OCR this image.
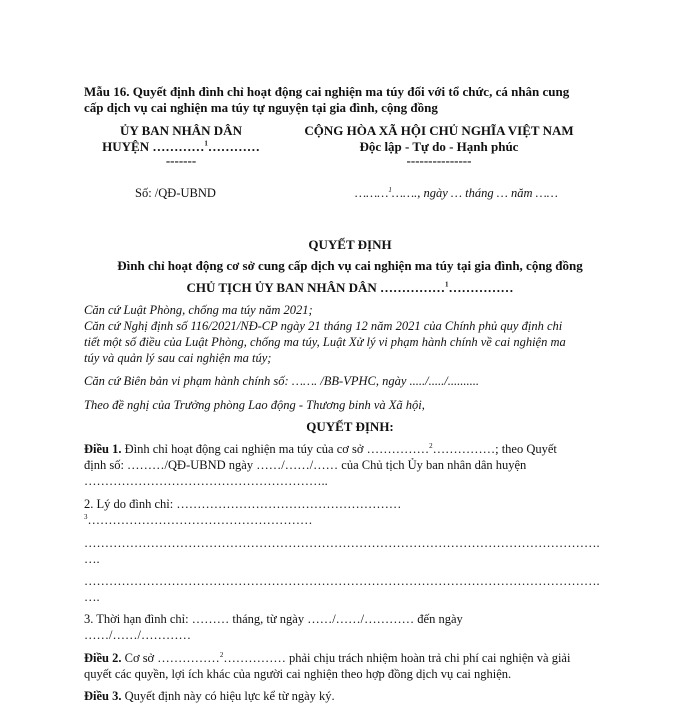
Mẫu 16. Quyết định đình chỉ hoạt động cai nghiện ma túy đối với tổ chức, cá nhân cung
cấp dịch vụ cai nghiện ma túy tự nguyện tại gia đình, cộng đồng
ỦY BAN NHÂN DÂN
HUYỆN …………$^1$…………
-------
CỘNG HÒA XÃ HỘI CHỦ NGHĨA VIỆT NAM
Độc lập - Tự do - Hạnh phúc
---------------
Số: /QĐ-UBND	………$^1$……., ngày … tháng … năm ……
QUYẾT ĐỊNH
Đình chỉ hoạt động cơ sở cung cấp dịch vụ cai nghiện ma túy tại gia đình, cộng đồng
CHỦ TỊCH ỦY BAN NHÂN DÂN ……………$^1$……………
Căn cứ Luật Phòng, chống ma túy năm 2021;
Căn cứ Nghị định số 116/2021/NĐ-CP ngày 21 tháng 12 năm 2021 của Chính phủ quy định chi
tiết một số điều của Luật Phòng, chống ma túy, Luật Xử lý vi phạm hành chính về cai nghiện ma
túy và quản lý sau cai nghiện ma túy;
Căn cứ Biên bản vi phạm hành chính số: ……. /BB-VPHC, ngày ...../...../..........
Theo đề nghị của Trưởng phòng Lao động - Thương binh và Xã hội,
QUYẾT ĐỊNH:
Điều 1. Đình chỉ hoạt động cai nghiện ma túy của cơ sở ……………$^2$……………; theo Quyết
định số: ………/QĐ-UBND ngày ……/……/…… của Chủ tịch Ủy ban nhân dân huyện
…………………………………………………..
2. Lý do đình chỉ: ………………………………………………
$^3$………………………………………………
…………………………………………………………………………………………………………….
….
…………………………………………………………………………………………………………….
….
3. Thời hạn đình chỉ: ……… tháng, từ ngày ……/……/………… đến ngày
……/……/…………
Điều 2. Cơ sở ……………$^2$…………… phải chịu trách nhiệm hoàn trả chi phí cai nghiện và giải
quyết các quyền, lợi ích khác của người cai nghiện theo hợp đồng dịch vụ cai nghiện.
Điều 3. Quyết định này có hiệu lực kể từ ngày ký.
